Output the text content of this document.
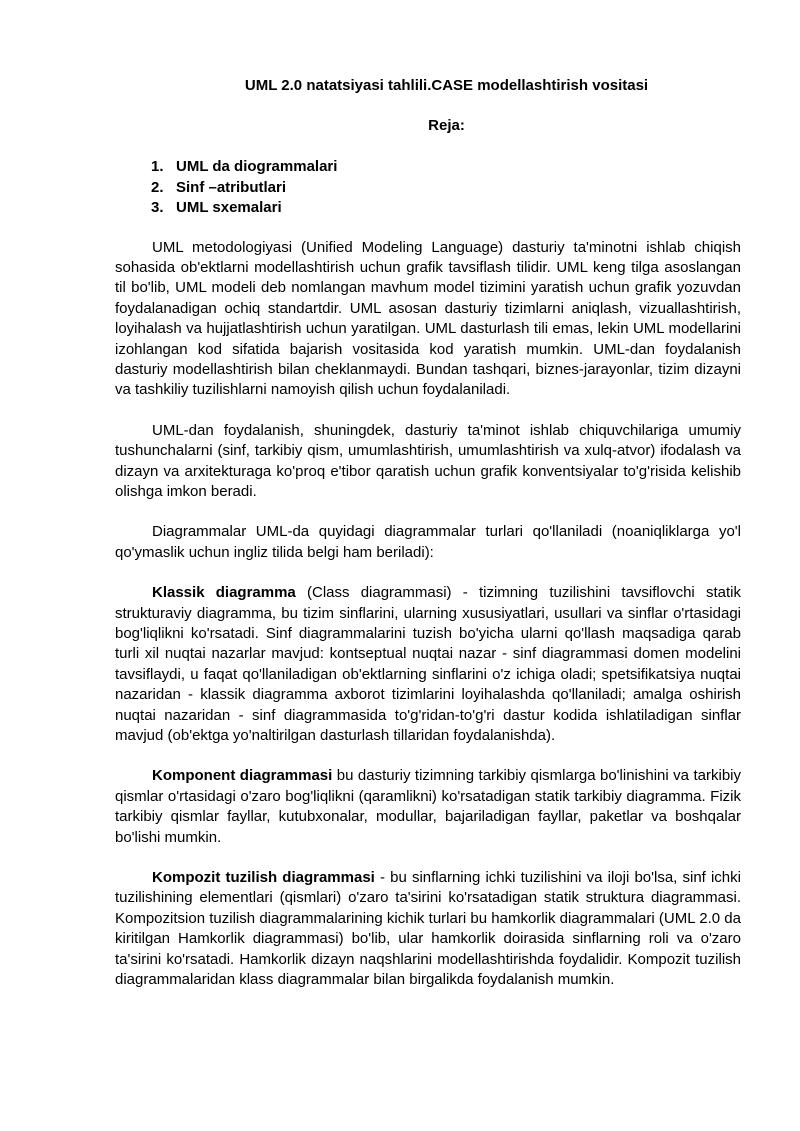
UML 2.0 natatsiyasi tahlili.CASE modellashtirish vositasi
Reja:
1. UML da diogrammalari
2. Sinf –atributlari
3. UML sxemalari

UML metodologiyasi (Unified Modeling Language) dasturiy ta'minotni ishlab chiqish sohasida ob'ektlarni modellashtirish uchun grafik tavsiflash tilidir. UML keng tilga asoslangan til bo'lib, UML modeli deb nomlangan mavhum model tizimini yaratish uchun grafik yozuvdan foydalanadigan ochiq standartdir. UML asosan dasturiy tizimlarni aniqlash, vizuallashtirish, loyihalash va hujjatlashtirish uchun yaratilgan. UML dasturlash tili emas, lekin UML modellarini izohlangan kod sifatida bajarish vositasida kod yaratish mumkin. UML-dan foydalanish dasturiy modellashtirish bilan cheklanmaydi. Bundan tashqari, biznes-jarayonlar, tizim dizayni va tashkiliy tuzilishlarni namoyish qilish uchun foydalaniladi.

UML-dan foydalanish, shuningdek, dasturiy ta'minot ishlab chiquvchilariga umumiy tushunchalarni (sinf, tarkibiy qism, umumlashtirish, umumlashtirish va xulq-atvor) ifodalash va dizayn va arxitekturaga ko'proq e'tibor qaratish uchun grafik konventsiyalar to'g'risida kelishib olishga imkon beradi.

Diagrammalar UML-da quyidagi diagrammalar turlari qo'llaniladi (noaniqliklarga yo'l qo'ymaslik uchun ingliz tilida belgi ham beriladi):

Klassik diagramma (Class diagrammasi) - tizimning tuzilishini tavsiflovchi statik strukturaviy diagramma, bu tizim sinflarini, ularning xususiyatlari, usullari va sinflar o'rtasidagi bog'liqlikni ko'rsatadi. Sinf diagrammalarini tuzish bo'yicha ularni qo'llash maqsadiga qarab turli xil nuqtai nazarlar mavjud: kontseptual nuqtai nazar - sinf diagrammasi domen modelini tavsiflaydi, u faqat qo'llaniladigan ob'ektlarning sinflarini o'z ichiga oladi; spetsifikatsiya nuqtai nazaridan - klassik diagramma axborot tizimlarini loyihalashda qo'llaniladi; amalga oshirish nuqtai nazaridan - sinf diagrammasida to'g'ridan-to'g'ri dastur kodida ishlatiladigan sinflar mavjud (ob'ektga yo'naltirilgan dasturlash tillaridan foydalanishda).

Komponent diagrammasi bu dasturiy tizimning tarkibiy qismlarga bo'linishini va tarkibiy qismlar o'rtasidagi o'zaro bog'liqlikni (qaramlikni) ko'rsatadigan statik tarkibiy diagramma. Fizik tarkibiy qismlar fayllar, kutubxonalar, modullar, bajariladigan fayllar, paketlar va boshqalar bo'lishi mumkin.

Kompozit tuzilish diagrammasi - bu sinflarning ichki tuzilishini va iloji bo'lsa, sinf ichki tuzilishining elementlari (qismlari) o'zaro ta'sirini ko'rsatadigan statik struktura diagrammasi. Kompozitsion tuzilish diagrammalarining kichik turlari bu hamkorlik diagrammalari (UML 2.0 da kiritilgan Hamkorlik diagrammasi) bo'lib, ular hamkorlik doirasida sinflarning roli va o'zaro ta'sirini ko'rsatadi. Hamkorlik dizayn naqshlarini modellashtirishda foydalidir. Kompozit tuzilish diagrammalaridan klass diagrammalar bilan birgalikda foydalanish mumkin.
